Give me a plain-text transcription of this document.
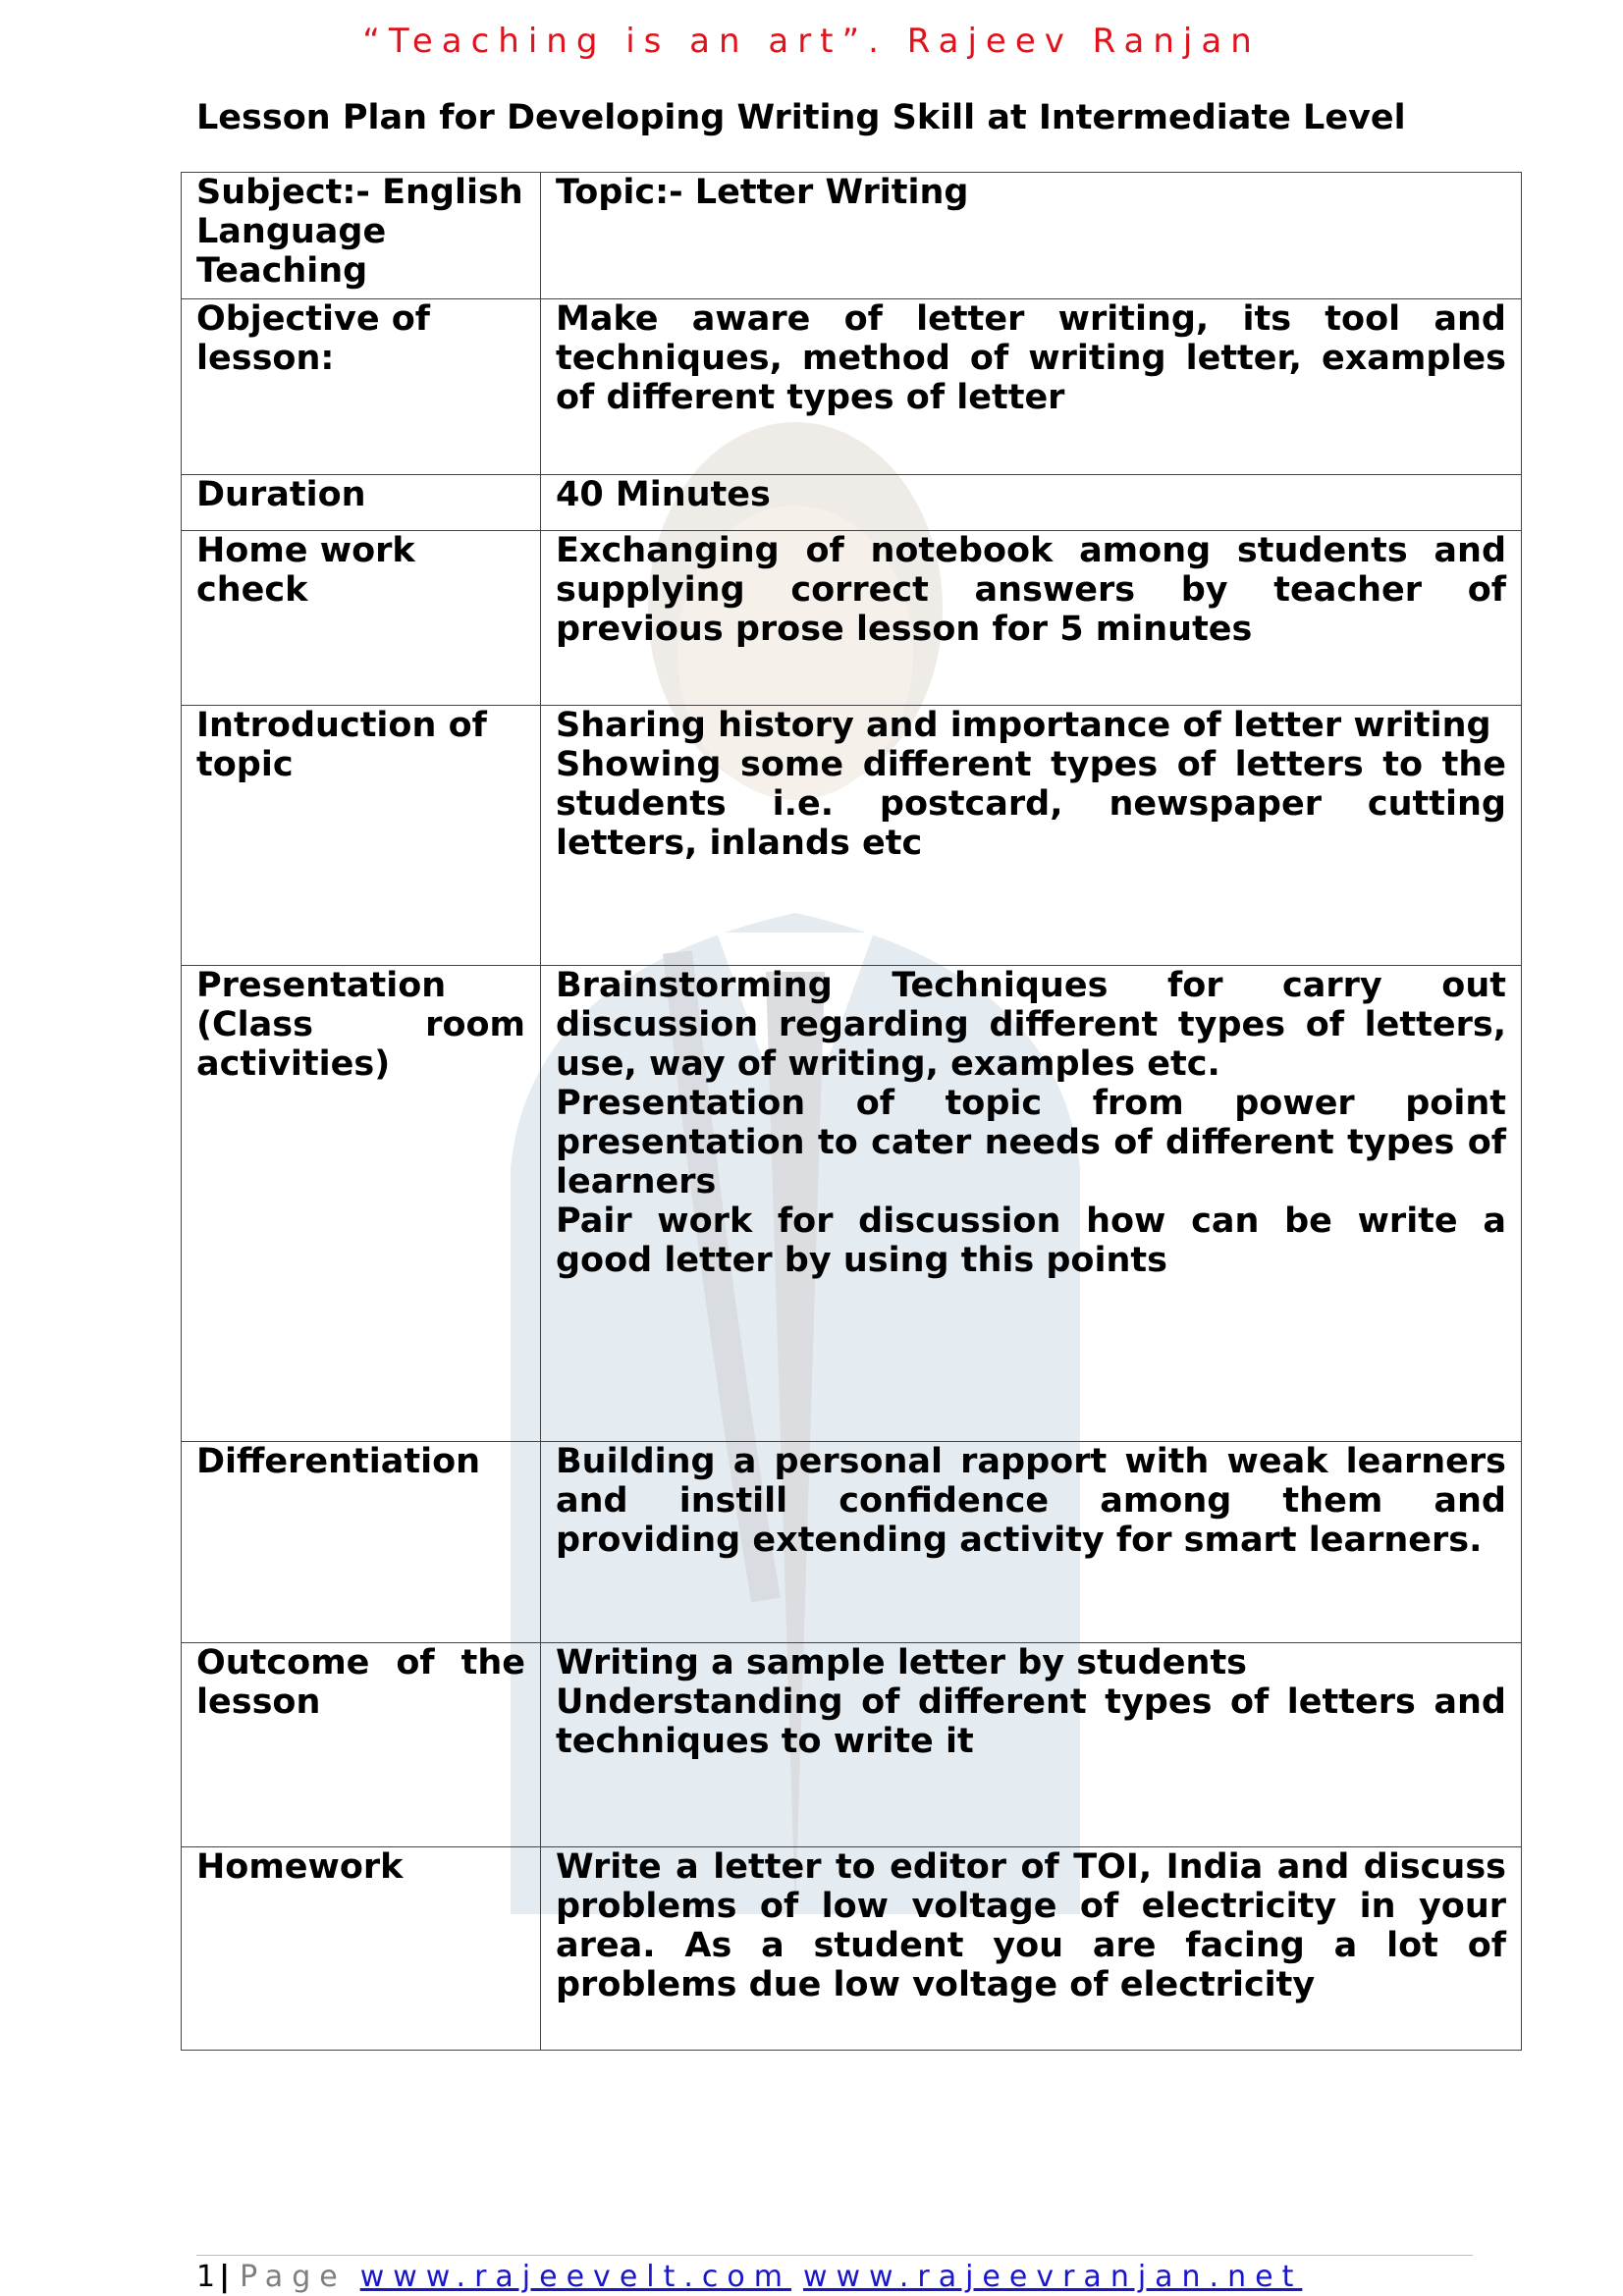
“Teaching is an art”. Rajeev Ranjan
Lesson Plan for Developing Writing Skill at Intermediate Level
Subject:- English Language Teaching	Topic:- Letter Writing

Objective of lesson:	Make aware of letter writing, its tool and techniques, method of writing letter, examples of different types of letter

Duration	40 Minutes

Home work check	Exchanging of notebook among students and supplying correct answers by teacher of previous prose lesson for 5 minutes

Introduction of topic	Sharing history and importance of letter writing
Showing some different types of letters to the students i.e. postcard, newspaper cutting letters, inlands etc

Presentation (Class room activities)	Brainstorming Techniques for carry out discussion regarding different types of letters, use, way of writing, examples etc.
Presentation of topic from power point presentation to cater needs of different types of learners
Pair work for discussion how can be write a good letter by using this points

Differentiation	Building a personal rapport with weak learners and instill confidence among them and providing extending activity for smart learners.

Outcome of the lesson	Writing a sample letter by students
Understanding of different types of letters and techniques to write it

Homework	Write a letter to editor of TOI, India and discuss problems of low voltage of electricity in your area. As a student you are facing a lot of problems due low voltage of electricity
1 | Page www.rajeevelt.com www.rajeevranjan.net
